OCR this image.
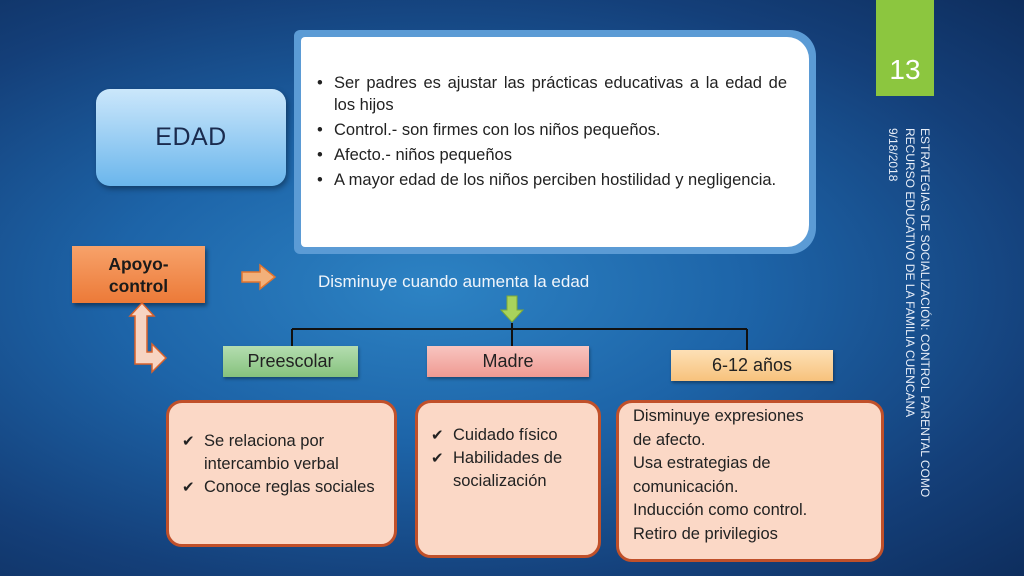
13
9/18/2018 RECURSO EDUCATIVO DE LA FAMILIA CUENCANA ESTRATEGIAS DE SOCIALIZACIÓN: CONTROL PARENTAL COMO
EDAD
• Ser padres es ajustar las prácticas educativas a la edad de los hijos
• Control.- son firmes con los niños pequeños.
• Afecto.- niños pequeños
• A mayor edad de los niños perciben hostilidad y negligencia.
Apoyo-control	Disminuye cuando aumenta la edad
Preescolar	Madre	6-12 años
✔ Se relaciona por intercambio verbal
✔ Conoce reglas sociales
✔ Cuidado físico
✔ Habilidades de socialización
Disminuye expresiones
de afecto.
Usa estrategias de
comunicación.
Inducción como control.
Retiro de privilegios
